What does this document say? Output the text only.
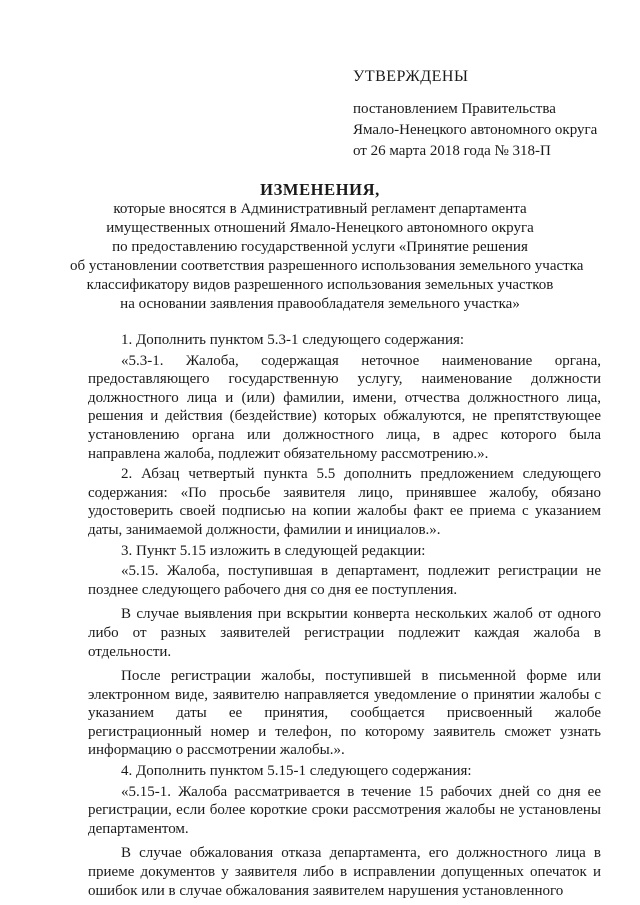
УТВЕРЖДЕНЫ
постановлением Правительства
Ямало-Ненецкого автономного округа
от 26 марта 2018 года № 318-П
ИЗМЕНЕНИЯ,
которые вносятся в Административный регламент департамента
имущественных отношений Ямало-Ненецкого автономного округа
по предоставлению государственной услуги «Принятие решения
об установлении соответствия разрешенного использования земельного участка
классификатору видов разрешенного использования земельных участков
на основании заявления правообладателя земельного участка»

1. Дополнить пунктом 5.3-1 следующего содержания:

«5.3-1. Жалоба, содержащая неточное наименование органа, предоставляющего государственную услугу, наименование должности должностного лица и (или) фамилии, имени, отчества должностного лица, решения и действия (бездействие) которых обжалуются, не препятствующее установлению органа или должностного лица, в адрес которого была направлена жалоба, подлежит обязательному рассмотрению.».

2. Абзац четвертый пункта 5.5 дополнить предложением следующего содержания: «По просьбе заявителя лицо, принявшее жалобу, обязано удостоверить своей подписью на копии жалобы факт ее приема с указанием даты, занимаемой должности, фамилии и инициалов.».

3. Пункт 5.15 изложить в следующей редакции:

«5.15. Жалоба, поступившая в департамент, подлежит регистрации не позднее следующего рабочего дня со дня ее поступления.

В случае выявления при вскрытии конверта нескольких жалоб от одного либо от разных заявителей регистрации подлежит каждая жалоба в отдельности.

После регистрации жалобы, поступившей в письменной форме или электронном виде, заявителю направляется уведомление о принятии жалобы с указанием даты ее принятия, сообщается присвоенный жалобе регистрационный номер и телефон, по которому заявитель сможет узнать информацию о рассмотрении жалобы.».

4. Дополнить пунктом 5.15-1 следующего содержания:

«5.15-1. Жалоба рассматривается в течение 15 рабочих дней со дня ее регистрации, если более короткие сроки рассмотрения жалобы не установлены департаментом.

В случае обжалования отказа департамента, его должностного лица в приеме документов у заявителя либо в исправлении допущенных опечаток и ошибок или в случае обжалования заявителем нарушения установленного
